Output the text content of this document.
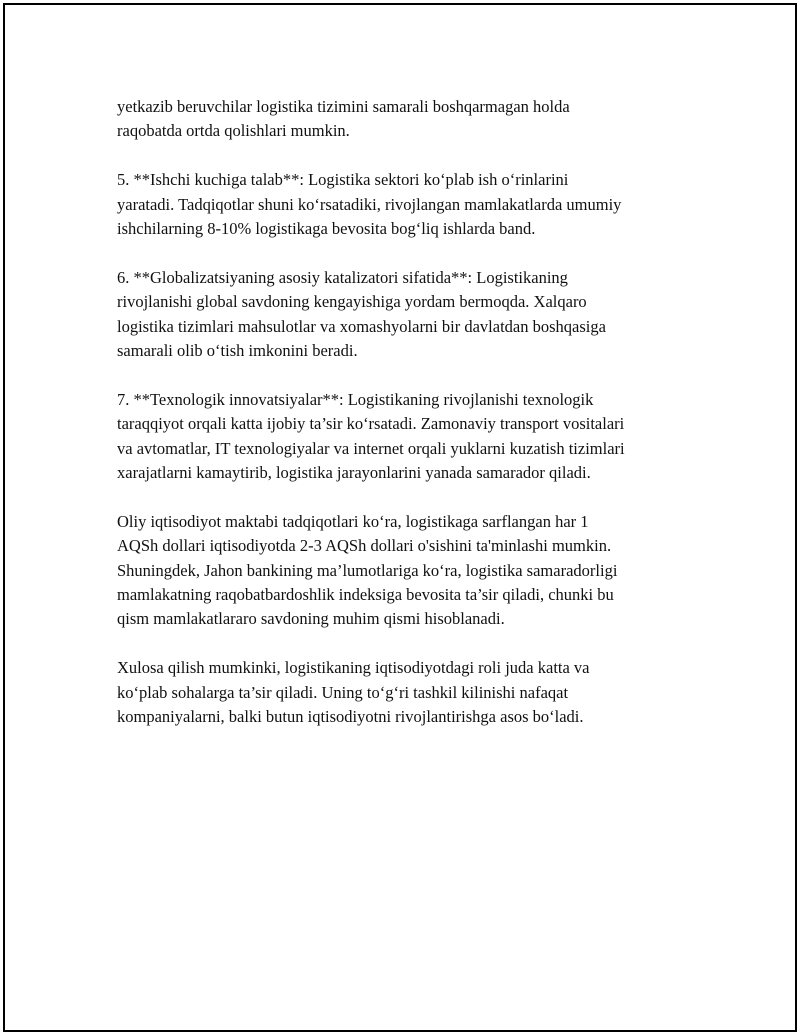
yetkazib beruvchilar logistika tizimini samarali boshqarmagan holda
raqobatda ortda qolishlari mumkin.

5. **Ishchi kuchiga talab**: Logistika sektori ko‘plab ish o‘rinlarini
yaratadi. Tadqiqotlar shuni ko‘rsatadiki, rivojlangan mamlakatlarda umumiy
ishchilarning 8-10% logistikaga bevosita bog‘liq ishlarda band.

6. **Globalizatsiyaning asosiy katalizatori sifatida**: Logistikaning
rivojlanishi global savdoning kengayishiga yordam bermoqda. Xalqaro
logistika tizimlari mahsulotlar va xomashyolarni bir davlatdan boshqasiga
samarali olib o‘tish imkonini beradi.

7. **Texnologik innovatsiyalar**: Logistikaning rivojlanishi texnologik
taraqqiyot orqali katta ijobiy ta’sir ko‘rsatadi. Zamonaviy transport vositalari
va avtomatlar, IT texnologiyalar va internet orqali yuklarni kuzatish tizimlari
xarajatlarni kamaytirib, logistika jarayonlarini yanada samarador qiladi.

Oliy iqtisodiyot maktabi tadqiqotlari ko‘ra, logistikaga sarflangan har 1
AQSh dollari iqtisodiyotda 2-3 AQSh dollari o'sishini ta'minlashi mumkin.
Shuningdek, Jahon bankining ma’lumotlariga ko‘ra, logistika samaradorligi
mamlakatning raqobatbardoshlik indeksiga bevosita ta’sir qiladi, chunki bu
qism mamlakatlararo savdoning muhim qismi hisoblanadi.

Xulosa qilish mumkinki, logistikaning iqtisodiyotdagi roli juda katta va
ko‘plab sohalarga ta’sir qiladi. Uning to‘g‘ri tashkil kilinishi nafaqat
kompaniyalarni, balki butun iqtisodiyotni rivojlantirishga asos bo‘ladi.
